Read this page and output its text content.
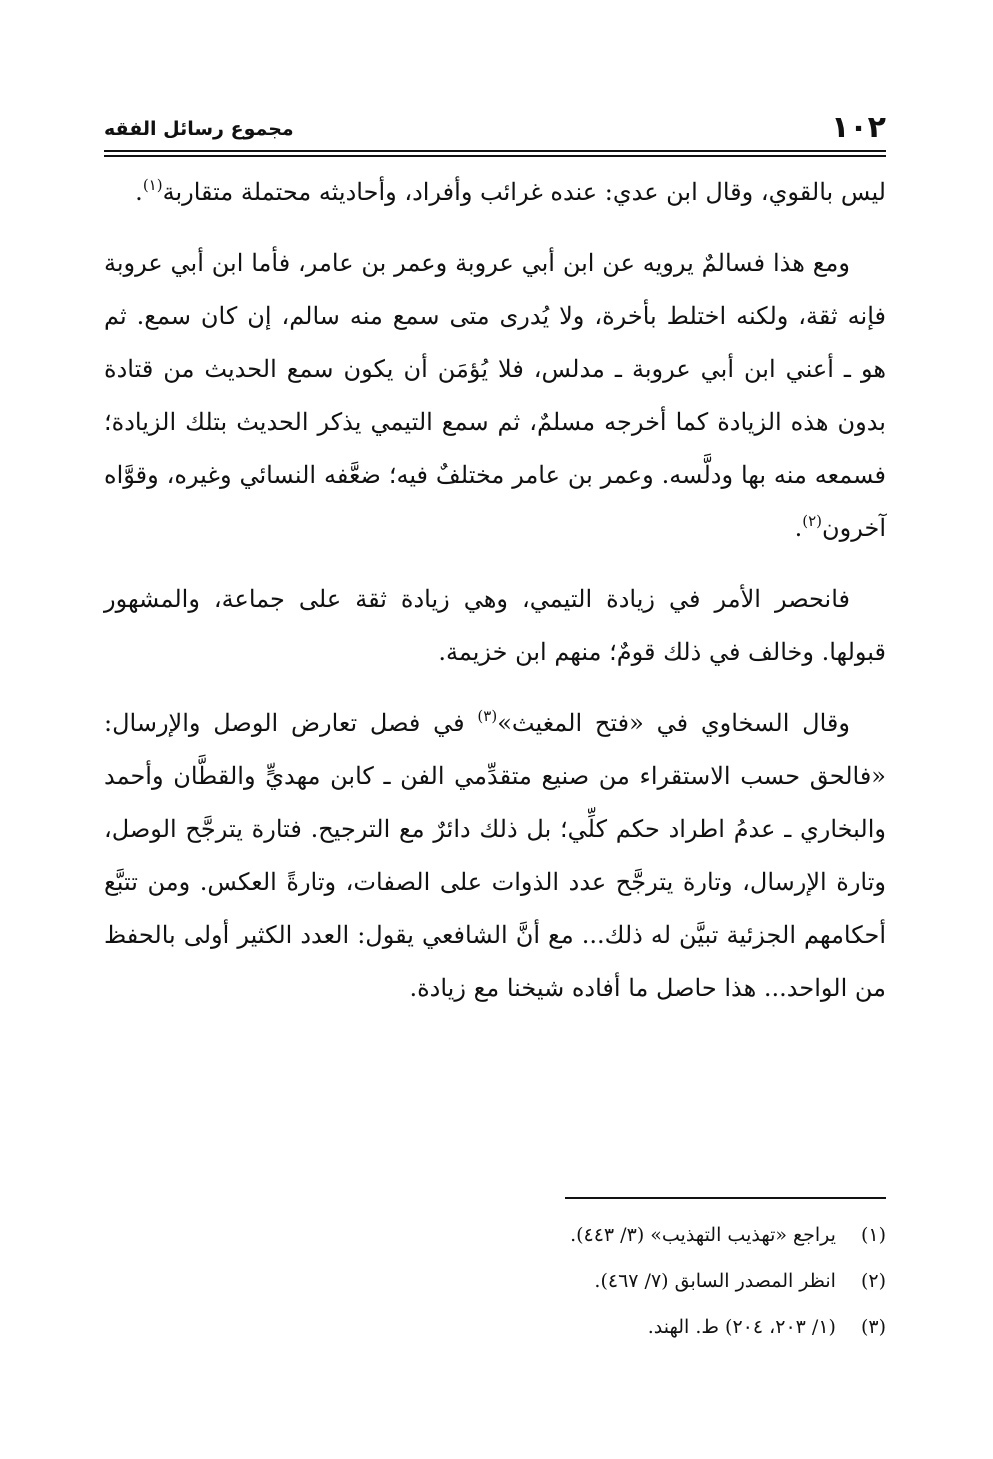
١٠٢
مجموع رسائل الفقه

ليس بالقوي، وقال ابن عدي: عنده غرائب وأفراد، وأحاديثه محتملة متقاربة$^{(١)}$.

ومع هذا فسالمٌ يرويه عن ابن أبي عروبة وعمر بن عامر، فأما ابن أبي عروبة فإنه ثقة، ولكنه اختلط بأخرة، ولا يُدرى متى سمع منه سالم، إن كان سمع. ثم هو ـ أعني ابن أبي عروبة ـ مدلس، فلا يُؤمَن أن يكون سمع الحديث من قتادة بدون هذه الزيادة كما أخرجه مسلمٌ، ثم سمع التيمي يذكر الحديث بتلك الزيادة؛ فسمعه منه بها ودلَّسه. وعمر بن عامر مختلفٌ فيه؛ ضعَّفه النسائي وغيره، وقوَّاه آخرون$^{(٢)}$.

فانحصر الأمر في زيادة التيمي، وهي زيادة ثقة على جماعة، والمشهور قبولها. وخالف في ذلك قومٌ؛ منهم ابن خزيمة.

وقال السخاوي في «فتح المغيث»$^{(٣)}$ في فصل تعارض الوصل والإرسال: «فالحق حسب الاستقراء من صنيع متقدِّمي الفن ـ كابن مهديٍّ والقطَّان وأحمد والبخاري ـ عدمُ اطراد حكم كلِّي؛ بل ذلك دائرٌ مع الترجيح. فتارة يترجَّح الوصل، وتارة الإرسال، وتارة يترجَّح عدد الذوات على الصفات، وتارةً العكس. ومن تتبَّع أحكامهم الجزئية تبيَّن له ذلك... مع أنَّ الشافعي يقول: العدد الكثير أولى بالحفظ من الواحد... هذا حاصل ما أفاده شيخنا مع زيادة.

(١) يراجع «تهذيب التهذيب» (٣/ ٤٤٣).
(٢) انظر المصدر السابق (٧/ ٤٦٧).
(٣) (١/ ٢٠٣، ٢٠٤) ط. الهند.
